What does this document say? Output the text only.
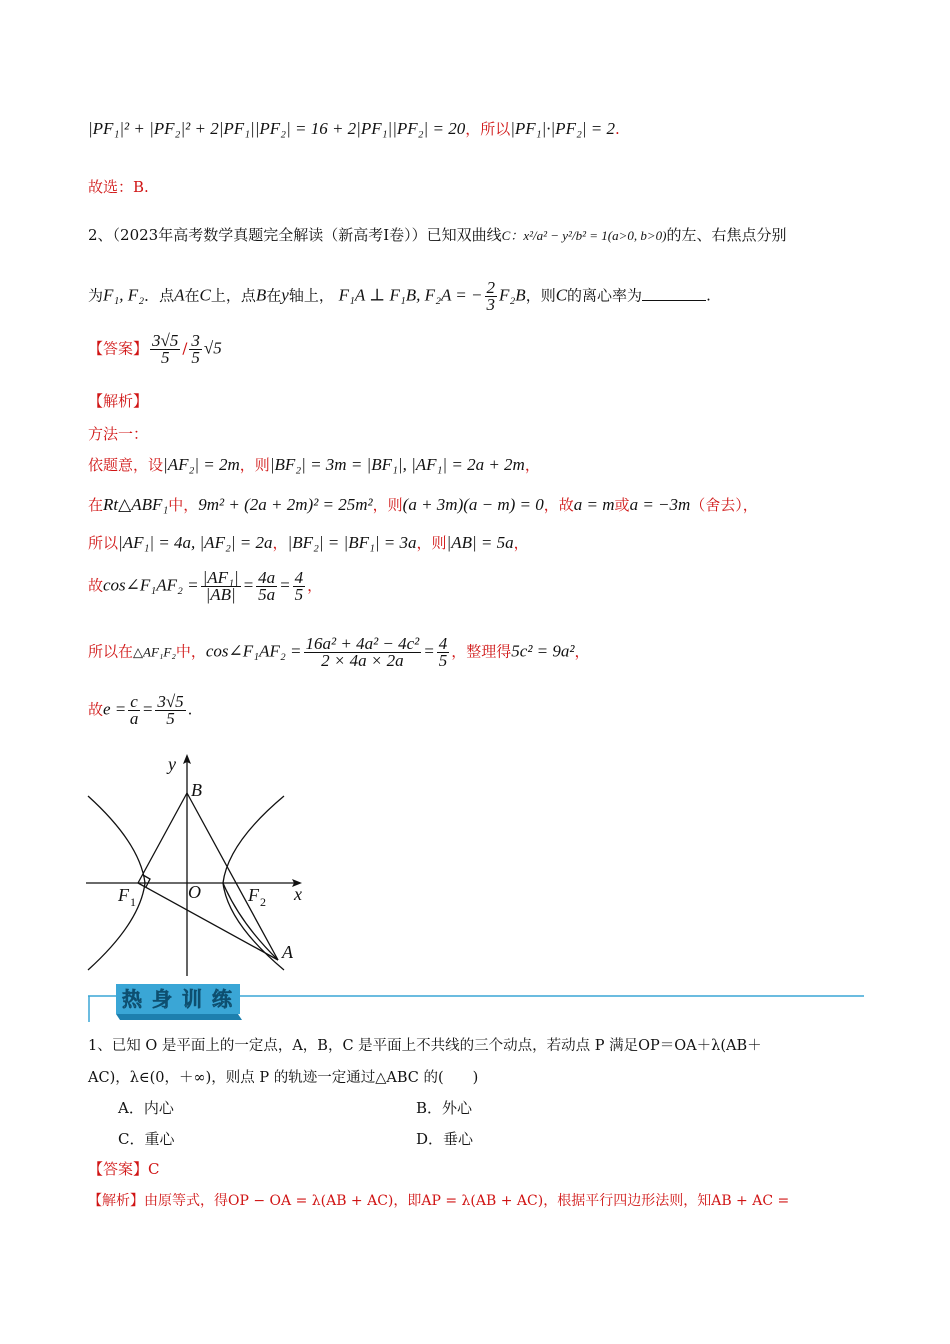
|PF₁|² + |PF₂|² + 2|PF₁||PF₂| = 16 + 2|PF₁||PF₂| = 20，所以|PF₁|·|PF₂| = 2.
故选：B.
2、（2023年高考数学真题完全解读（新高考Ⅰ卷））已知双曲线C：x²/a² − y²/b² = 1(a>0, b>0)的左、右焦点分别
为F₁, F₂．点A在C上，点B在y轴上， F₁A ⊥ F₁B, F₂A = − $\frac{2}{3} F_2B$，则C的离心率为	.
【答案】 $\frac{3√5}{5} / \frac{3}{5} √5$
【解析】
方法一：
依题意，设|AF₂| = 2m，则|BF₂| = 3m = |BF₁|, |AF₁| = 2a + 2m，
在Rt△ABF₁中，9m² + (2a + 2m)² = 25m²，则(a + 3m)(a − m) = 0，故a = m或a = −3m（舍去），
所以|AF₁| = 4a, |AF₂| = 2a，|BF₂| = |BF₁| = 3a，则|AB| = 5a，
故cos∠F₁AF₂ = $\frac{\text{|AF₁|}}{|AB|} = \frac{4a}{5a} = \frac{4}{5}$ ，
所以在△AF₁F₂中，cos∠F₁AF₂ = $\frac{\text{16a² + 4a² − 4c²}}{2 \times 4a \times 2a} = \frac{4}{5}$ ，整理得5c² = 9a²，
故$e = \frac{c}{a} = \frac{3√5}{5}$ .
y
x
B
O
F 1	F 2
A
热 身 训 练
1、已知 O 是平面上的一定点，A，B，C 是平面上不共线的三个动点，若动点 P 满足OP＝OA＋λ(AB＋
AC)，λ∈(0，＋∞)，则点 P 的轨迹一定通过△ABC 的(　　)
A．内心	B．外心
C．重心	D．垂心
【答案】C
【解析】由原等式，得OP − OA = λ(AB + AC)，即AP = λ(AB + AC)，根据平行四边形法则，知AB + AC =
